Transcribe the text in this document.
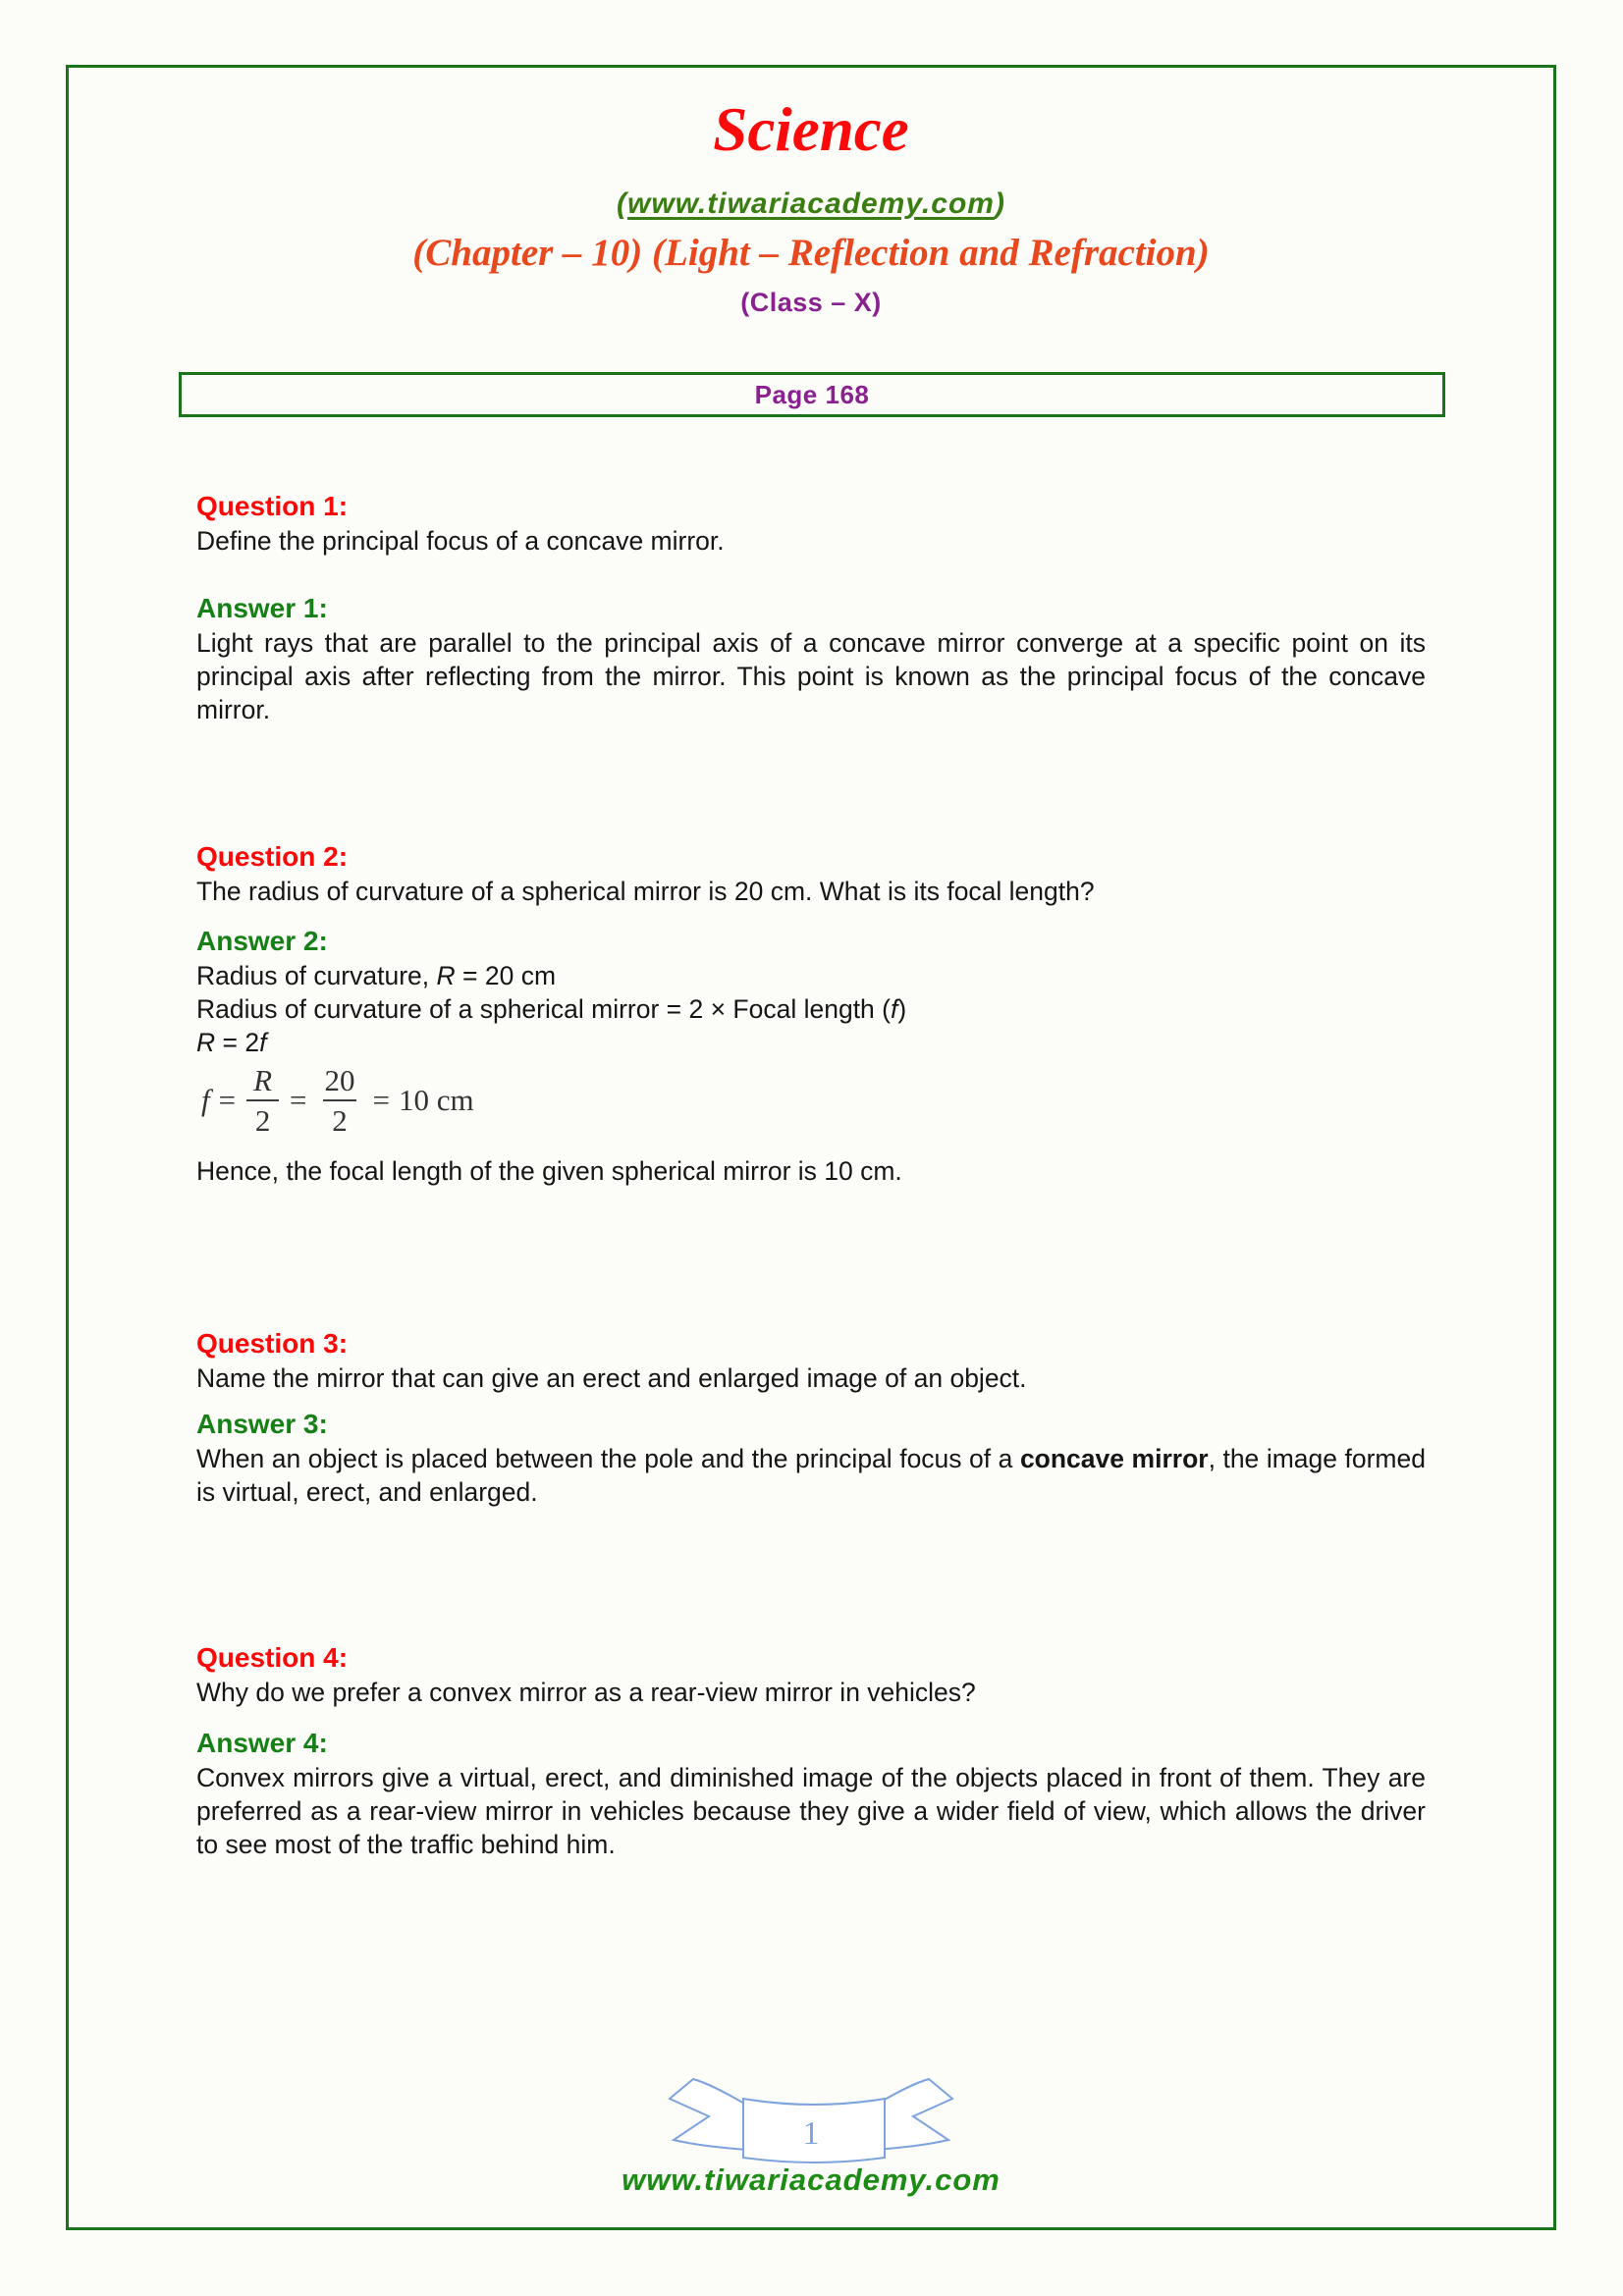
Science
(www.tiwariacademy.com)
(Chapter – 10) (Light – Reflection and Refraction)
(Class – X)
Page 168
Question 1:
Define the principal focus of a concave mirror.
Answer 1:
Light rays that are parallel to the principal axis of a concave mirror converge at a specific point on its principal axis after reflecting from the mirror. This point is known as the principal focus of the concave mirror.
Question 2:
The radius of curvature of a spherical mirror is 20 cm. What is its focal length?
Answer 2:
Radius of curvature, R = 20 cm
Radius of curvature of a spherical mirror = 2 × Focal length (f)
R = 2f
$f = \frac{R}{2} = \frac{20}{2} = 10$ cm
Hence, the focal length of the given spherical mirror is 10 cm.
Question 3:
Name the mirror that can give an erect and enlarged image of an object.
Answer 3:
When an object is placed between the pole and the principal focus of a concave mirror, the image formed is virtual, erect, and enlarged.
Question 4:
Why do we prefer a convex mirror as a rear-view mirror in vehicles?
Answer 4:
Convex mirrors give a virtual, erect, and diminished image of the objects placed in front of them. They are preferred as a rear-view mirror in vehicles because they give a wider field of view, which allows the driver to see most of the traffic behind him.
1
www.tiwariacademy.com
